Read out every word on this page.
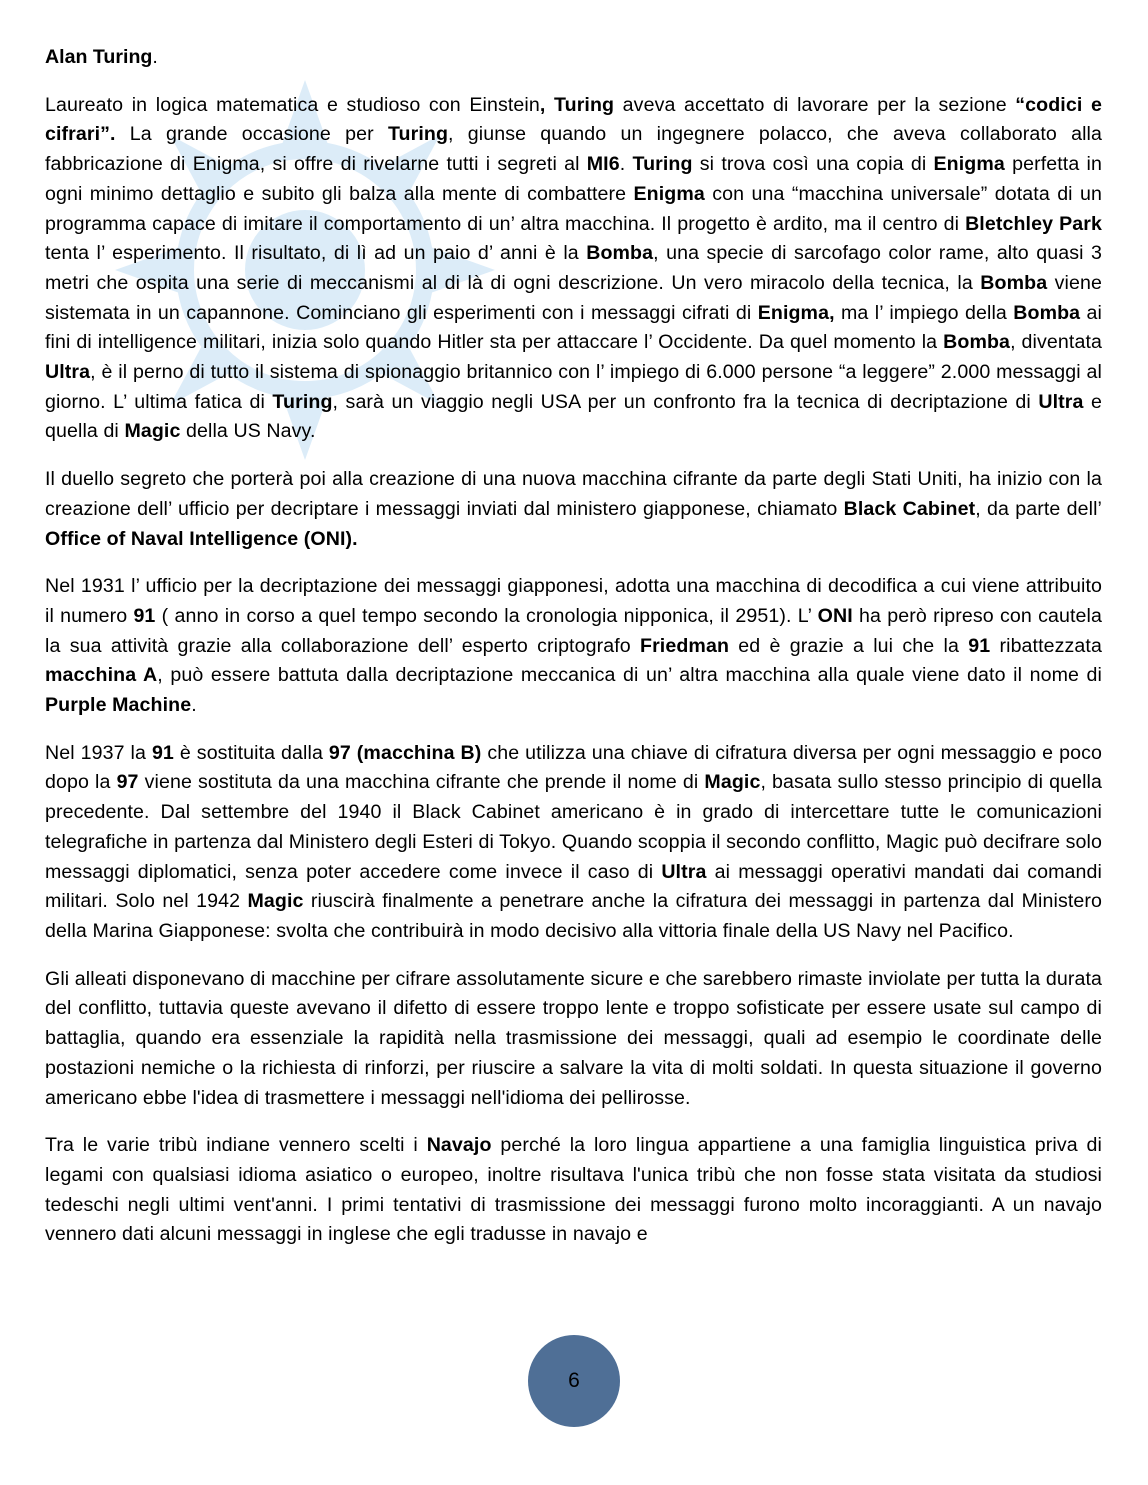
Alan Turing.

Laureato in logica matematica e studioso con Einstein, Turing aveva accettato di lavorare per la sezione “codici e cifrari”. La grande occasione per Turing, giunse quando un ingegnere polacco, che aveva collaborato alla fabbricazione di Enigma, si offre di rivelarne tutti i segreti al MI6. Turing si trova così una copia di Enigma perfetta in ogni minimo dettaglio e subito gli balza alla mente di combattere Enigma con una “macchina universale” dotata di un programma capace di imitare il comportamento di un’ altra macchina. Il progetto è ardito, ma il centro di Bletchley Park tenta l’ esperimento. Il risultato, di lì ad un paio d’ anni è la Bomba, una specie di sarcofago color rame, alto quasi 3 metri che ospita una serie di meccanismi al di là di ogni descrizione. Un vero miracolo della tecnica, la Bomba viene sistemata in un capannone. Cominciano gli esperimenti con i messaggi cifrati di Enigma, ma l’ impiego della Bomba ai fini di intelligence militari, inizia solo quando Hitler sta per attaccare l’ Occidente. Da quel momento la Bomba, diventata Ultra, è il perno di tutto il sistema di spionaggio britannico con l’ impiego di 6.000 persone “a leggere” 2.000 messaggi al giorno. L’ ultima fatica di Turing, sarà un viaggio negli USA per un confronto fra la tecnica di decriptazione di Ultra e quella di Magic della US Navy.

Il duello segreto che porterà poi alla creazione di una nuova macchina cifrante da parte degli Stati Uniti, ha inizio con la creazione dell’ ufficio per decriptare i messaggi inviati dal ministero giapponese, chiamato Black Cabinet, da parte dell’ Office of Naval Intelligence (ONI).

Nel 1931 l’ ufficio per la decriptazione dei messaggi giapponesi, adotta una macchina di decodifica a cui viene attribuito il numero 91 ( anno in corso a quel tempo secondo la cronologia nipponica, il 2951). L’ ONI ha però ripreso con cautela la sua attività grazie alla collaborazione dell’ esperto criptografo Friedman ed è grazie a lui che la 91 ribattezzata macchina A, può essere battuta dalla decriptazione meccanica di un’ altra macchina alla quale viene dato il nome di Purple Machine.

Nel 1937 la 91 è sostituita dalla 97 (macchina B) che utilizza una chiave di cifratura diversa per ogni messaggio e poco dopo la 97 viene sostituta da una macchina cifrante che prende il nome di Magic, basata sullo stesso principio di quella precedente. Dal settembre del 1940 il Black Cabinet americano è in grado di intercettare tutte le comunicazioni telegrafiche in partenza dal Ministero degli Esteri di Tokyo. Quando scoppia il secondo conflitto, Magic può decifrare solo messaggi diplomatici, senza poter accedere come invece il caso di Ultra ai messaggi operativi mandati dai comandi militari. Solo nel 1942 Magic riuscirà finalmente a penetrare anche la cifratura dei messaggi in partenza dal Ministero della Marina Giapponese: svolta che contribuirà in modo decisivo alla vittoria finale della US Navy nel Pacifico.

Gli alleati disponevano di macchine per cifrare assolutamente sicure e che sarebbero rimaste inviolate per tutta la durata del conflitto, tuttavia queste avevano il difetto di essere troppo lente e troppo sofisticate per essere usate sul campo di battaglia, quando era essenziale la rapidità nella trasmissione dei messaggi, quali ad esempio le coordinate delle postazioni nemiche o la richiesta di rinforzi, per riuscire a salvare la vita di molti soldati. In questa situazione il governo americano ebbe l'idea di trasmettere i messaggi nell'idioma dei pellirosse.

Tra le varie tribù indiane vennero scelti i Navajo perché la loro lingua appartiene a una famiglia linguistica priva di legami con qualsiasi idioma asiatico o europeo, inoltre risultava l'unica tribù che non fosse stata visitata da studiosi tedeschi negli ultimi vent'anni. I primi tentativi di trasmissione dei messaggi furono molto incoraggianti. A un navajo vennero dati alcuni messaggi in inglese che egli tradusse in navajo e

6
